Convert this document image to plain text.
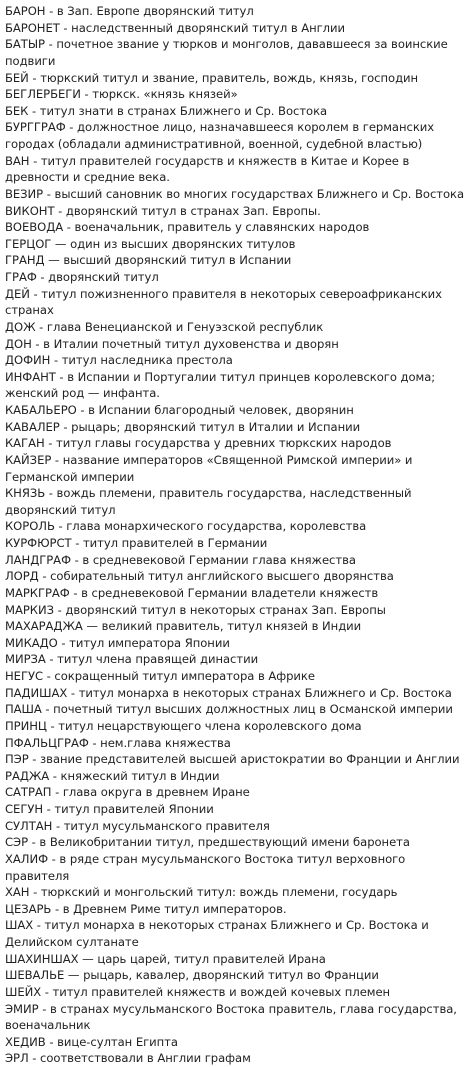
БАРОН - в Зап. Европе дворянский титул

БАРОНЕТ - наследственный дворянский титул в Англии

БАТЫР - почетное звание у тюрков и монголов, дававшееся за воинские подвиги

БЕЙ - тюркский титул и звание, правитель, вождь, князь, господин

БЕГЛЕРБЕГИ - тюркск. «князь князей»

БЕК - титул знати в странах Ближнего и Ср. Востока

БУРГГРАФ - должностное лицо, назначавшееся королем в германских городах (обладали административной, военной, судебной властью)

ВАН - титул правителей государств и княжеств в Китае и Корее в древности и средние века.

ВЕЗИР - высший сановник во многих государствах Ближнего и Ср. Востока

ВИКОНТ - дворянский титул в странах Зап. Европы.

ВОЕВОДА - военачальник, правитель у славянских народов

ГЕРЦОГ — один из высших дворянских титулов

ГРАНД — высший дворянский титул в Испании

ГРАФ - дворянский титул

ДЕЙ - титул пожизненного правителя в некоторых североафриканских странах

ДОЖ - глава Венецианской и Генуэзской республик

ДОН - в Италии почетный титул духовенства и дворян

ДОФИН - титул наследника престола

ИНФАНТ - в Испании и Португалии титул принцев королевского дома; женский род — инфанта.

КАБАЛЬЕРО - в Испании благородный человек, дворянин

КАВАЛЕР - рыцарь; дворянский титул в Италии и Испании

КАГАН - титул главы государства у древних тюркских народов

КАЙЗЕР - название императоров «Священной Римской империи» и Германской империи

КНЯЗЬ - вождь племени, правитель государства, наследственный дворянский титул

КОРОЛЬ - глава монархического государства, королевства

КУРФЮРСТ - титул правителей в Германии

ЛАНДГРАФ - в средневековой Германии глава княжества

ЛОРД - собирательный титул английского высшего дворянства

МАРКГРАФ - в средневековой Германии владетели княжеств

МАРКИЗ - дворянский титул в некоторых странах Зап. Европы

МАХАРАДЖА — великий правитель, титул князей в Индии

МИКАДО - титул императора Японии

МИРЗА - титул члена правящей династии

НЕГУС - сокращенный титул императора в Африке

ПАДИШАХ - титул монарха в некоторых странах Ближнего и Ср. Востока

ПАША - почетный титул высших должностных лиц в Османской империи

ПРИНЦ - титул нецарствующего члена королевского дома

ПФАЛЬЦГРАФ - нем.глава княжества

ПЭР - звание представителей высшей аристократии во Франции и Англии

РАДЖА - княжеский титул в Индии

САТРАП - глава округа в древнем Иране

СЕГУН - титул правителей Японии

СУЛТАН - титул мусульманского правителя

СЭР - в Великобритании титул, предшествующий имени баронета

ХАЛИФ - в ряде стран мусульманского Востока титул верховного правителя

ХАН - тюркский и монгольский титул: вождь племени, государь

ЦЕЗАРЬ - в Древнем Риме титул императоров.

ШАХ - титул монарха в некоторых странах Ближнего и Ср. Востока и Делийском султанате

ШАХИНШАХ — царь царей, титул правителей Ирана

ШЕВАЛЬЕ — рыцарь, кавалер, дворянский титул во Франции

ШЕЙХ - титул правителей княжеств и вождей кочевых племен

ЭМИР - в странах мусульманского Востока правитель, глава государства, военачальник

ХЕДИВ - вице-султан Египта

ЭРЛ - соответствовали в Англии графам
